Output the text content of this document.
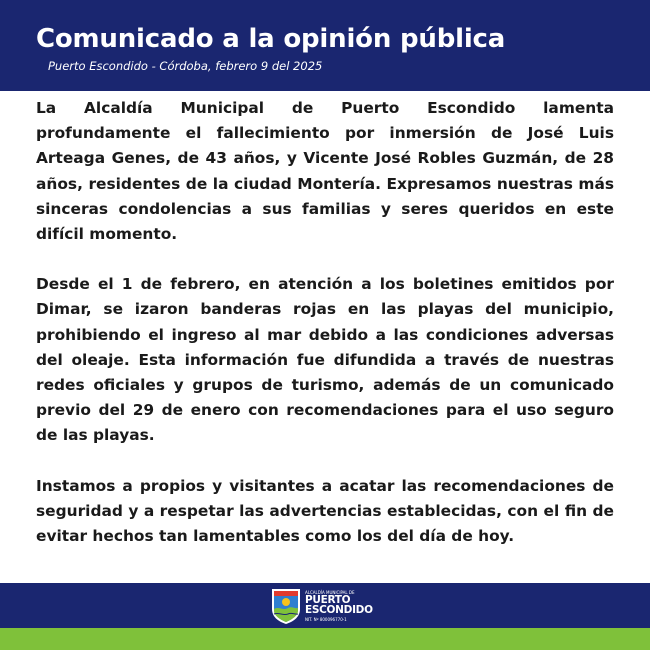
Comunicado a la opinión pública
Puerto Escondido - Córdoba, febrero 9 del 2025

La Alcaldía Municipal de Puerto Escondido lamenta profundamente el fallecimiento por inmersión de José Luis Arteaga Genes, de 43 años, y Vicente José Robles Guzmán, de 28 años, residentes de la ciudad Montería. Expresamos nuestras más sinceras condolencias a sus familias y seres queridos en este difícil momento.

Desde el 1 de febrero, en atención a los boletines emitidos por Dimar, se izaron banderas rojas en las playas del municipio, prohibiendo el ingreso al mar debido a las condiciones adversas del oleaje. Esta información fue difundida a través de nuestras redes oficiales y grupos de turismo, además de un comunicado previo del 29 de enero con recomendaciones para el uso seguro de las playas.

Instamos a propios y visitantes a acatar las recomendaciones de seguridad y a respetar las advertencias establecidas, con el fin de evitar hechos tan lamentables como los del día de hoy.

ALCALDÍA MUNICIPAL DE
PUERTO
ESCONDIDO
NIT. Nº 800096770-1
